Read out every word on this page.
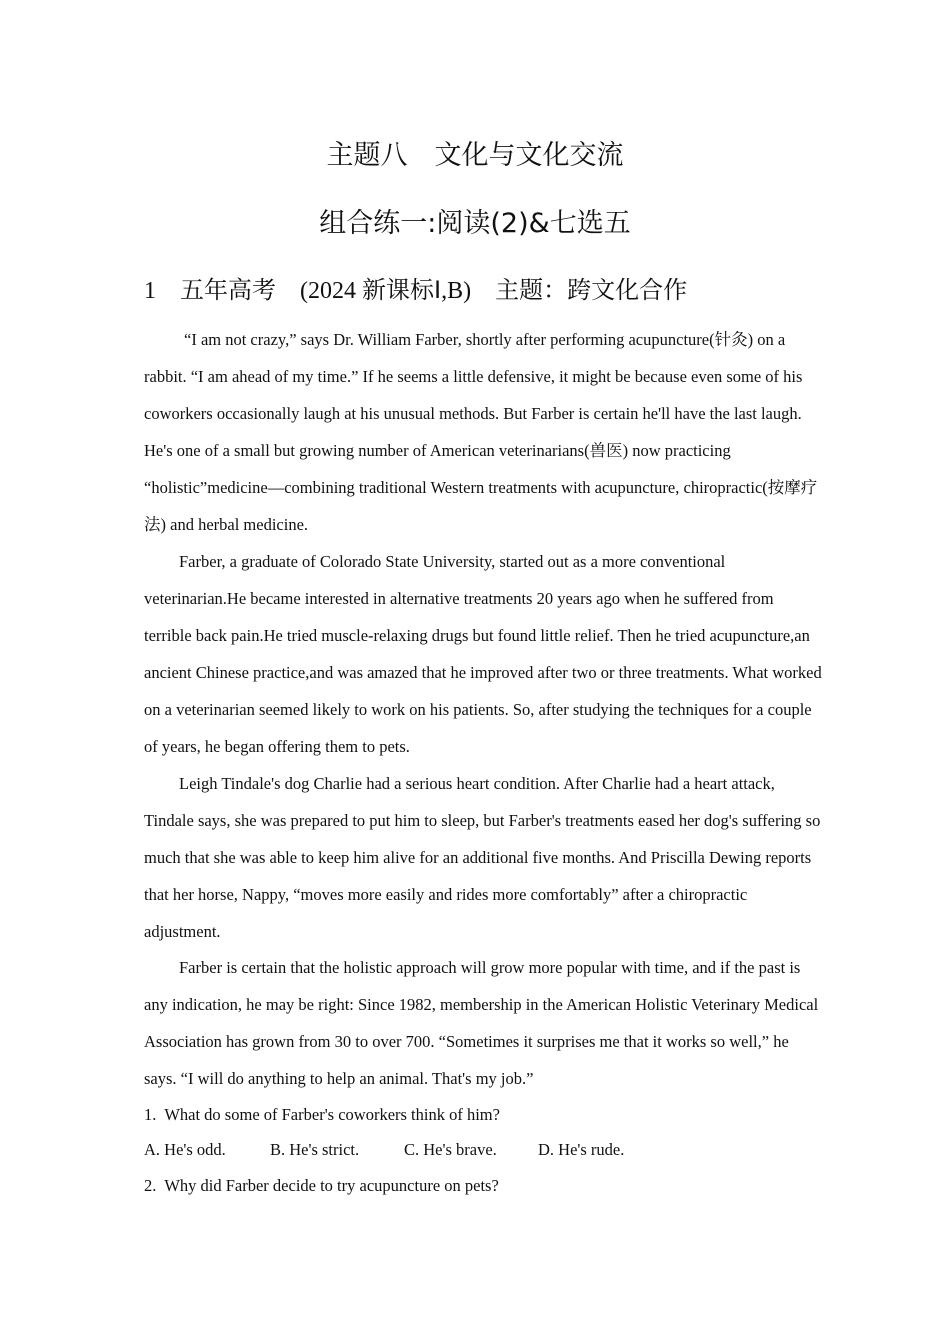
主题八　文化与文化交流
组合练一:阅读(2)&七选五
1  五年高考  (2024 新课标Ⅰ,B)  主题：跨文化合作

“I am not crazy,” says Dr. William Farber, shortly after performing acupuncture(针灸) on a rabbit. “I am ahead of my time.” If he seems a little defensive, it might be because even some of his coworkers occasionally laugh at his unusual methods. But Farber is certain he'll have the last laugh. He's one of a small but growing number of American veterinarians(兽医) now practicing “holistic”medicine—combining traditional Western treatments with acupuncture, chiropractic(按摩疗法) and herbal medicine.

Farber, a graduate of Colorado State University, started out as a more conventional veterinarian.He became interested in alternative treatments 20 years ago when he suffered from terrible back pain.He tried muscle-relaxing drugs but found little relief. Then he tried acupuncture,an ancient Chinese practice,and was amazed that he improved after two or three treatments. What worked on a veterinarian seemed likely to work on his patients. So, after studying the techniques for a couple of years, he began offering them to pets.

Leigh Tindale's dog Charlie had a serious heart condition. After Charlie had a heart attack, Tindale says, she was prepared to put him to sleep, but Farber's treatments eased her dog's suffering so much that she was able to keep him alive for an additional five months. And Priscilla Dewing reports that her horse, Nappy, “moves more easily and rides more comfortably” after a chiropractic adjustment.

Farber is certain that the holistic approach will grow more popular with time, and if the past is any indication, he may be right: Since 1982, membership in the American Holistic Veterinary Medical Association has grown from 30 to over 700. “Sometimes it surprises me that it works so well,” he says. “I will do anything to help an animal. That's my job.”

1.  What do some of Farber's coworkers think of him?
A. He's odd.	B. He's strict.	C. He's brave. D. He's rude.
2.  Why did Farber decide to try acupuncture on pets?
